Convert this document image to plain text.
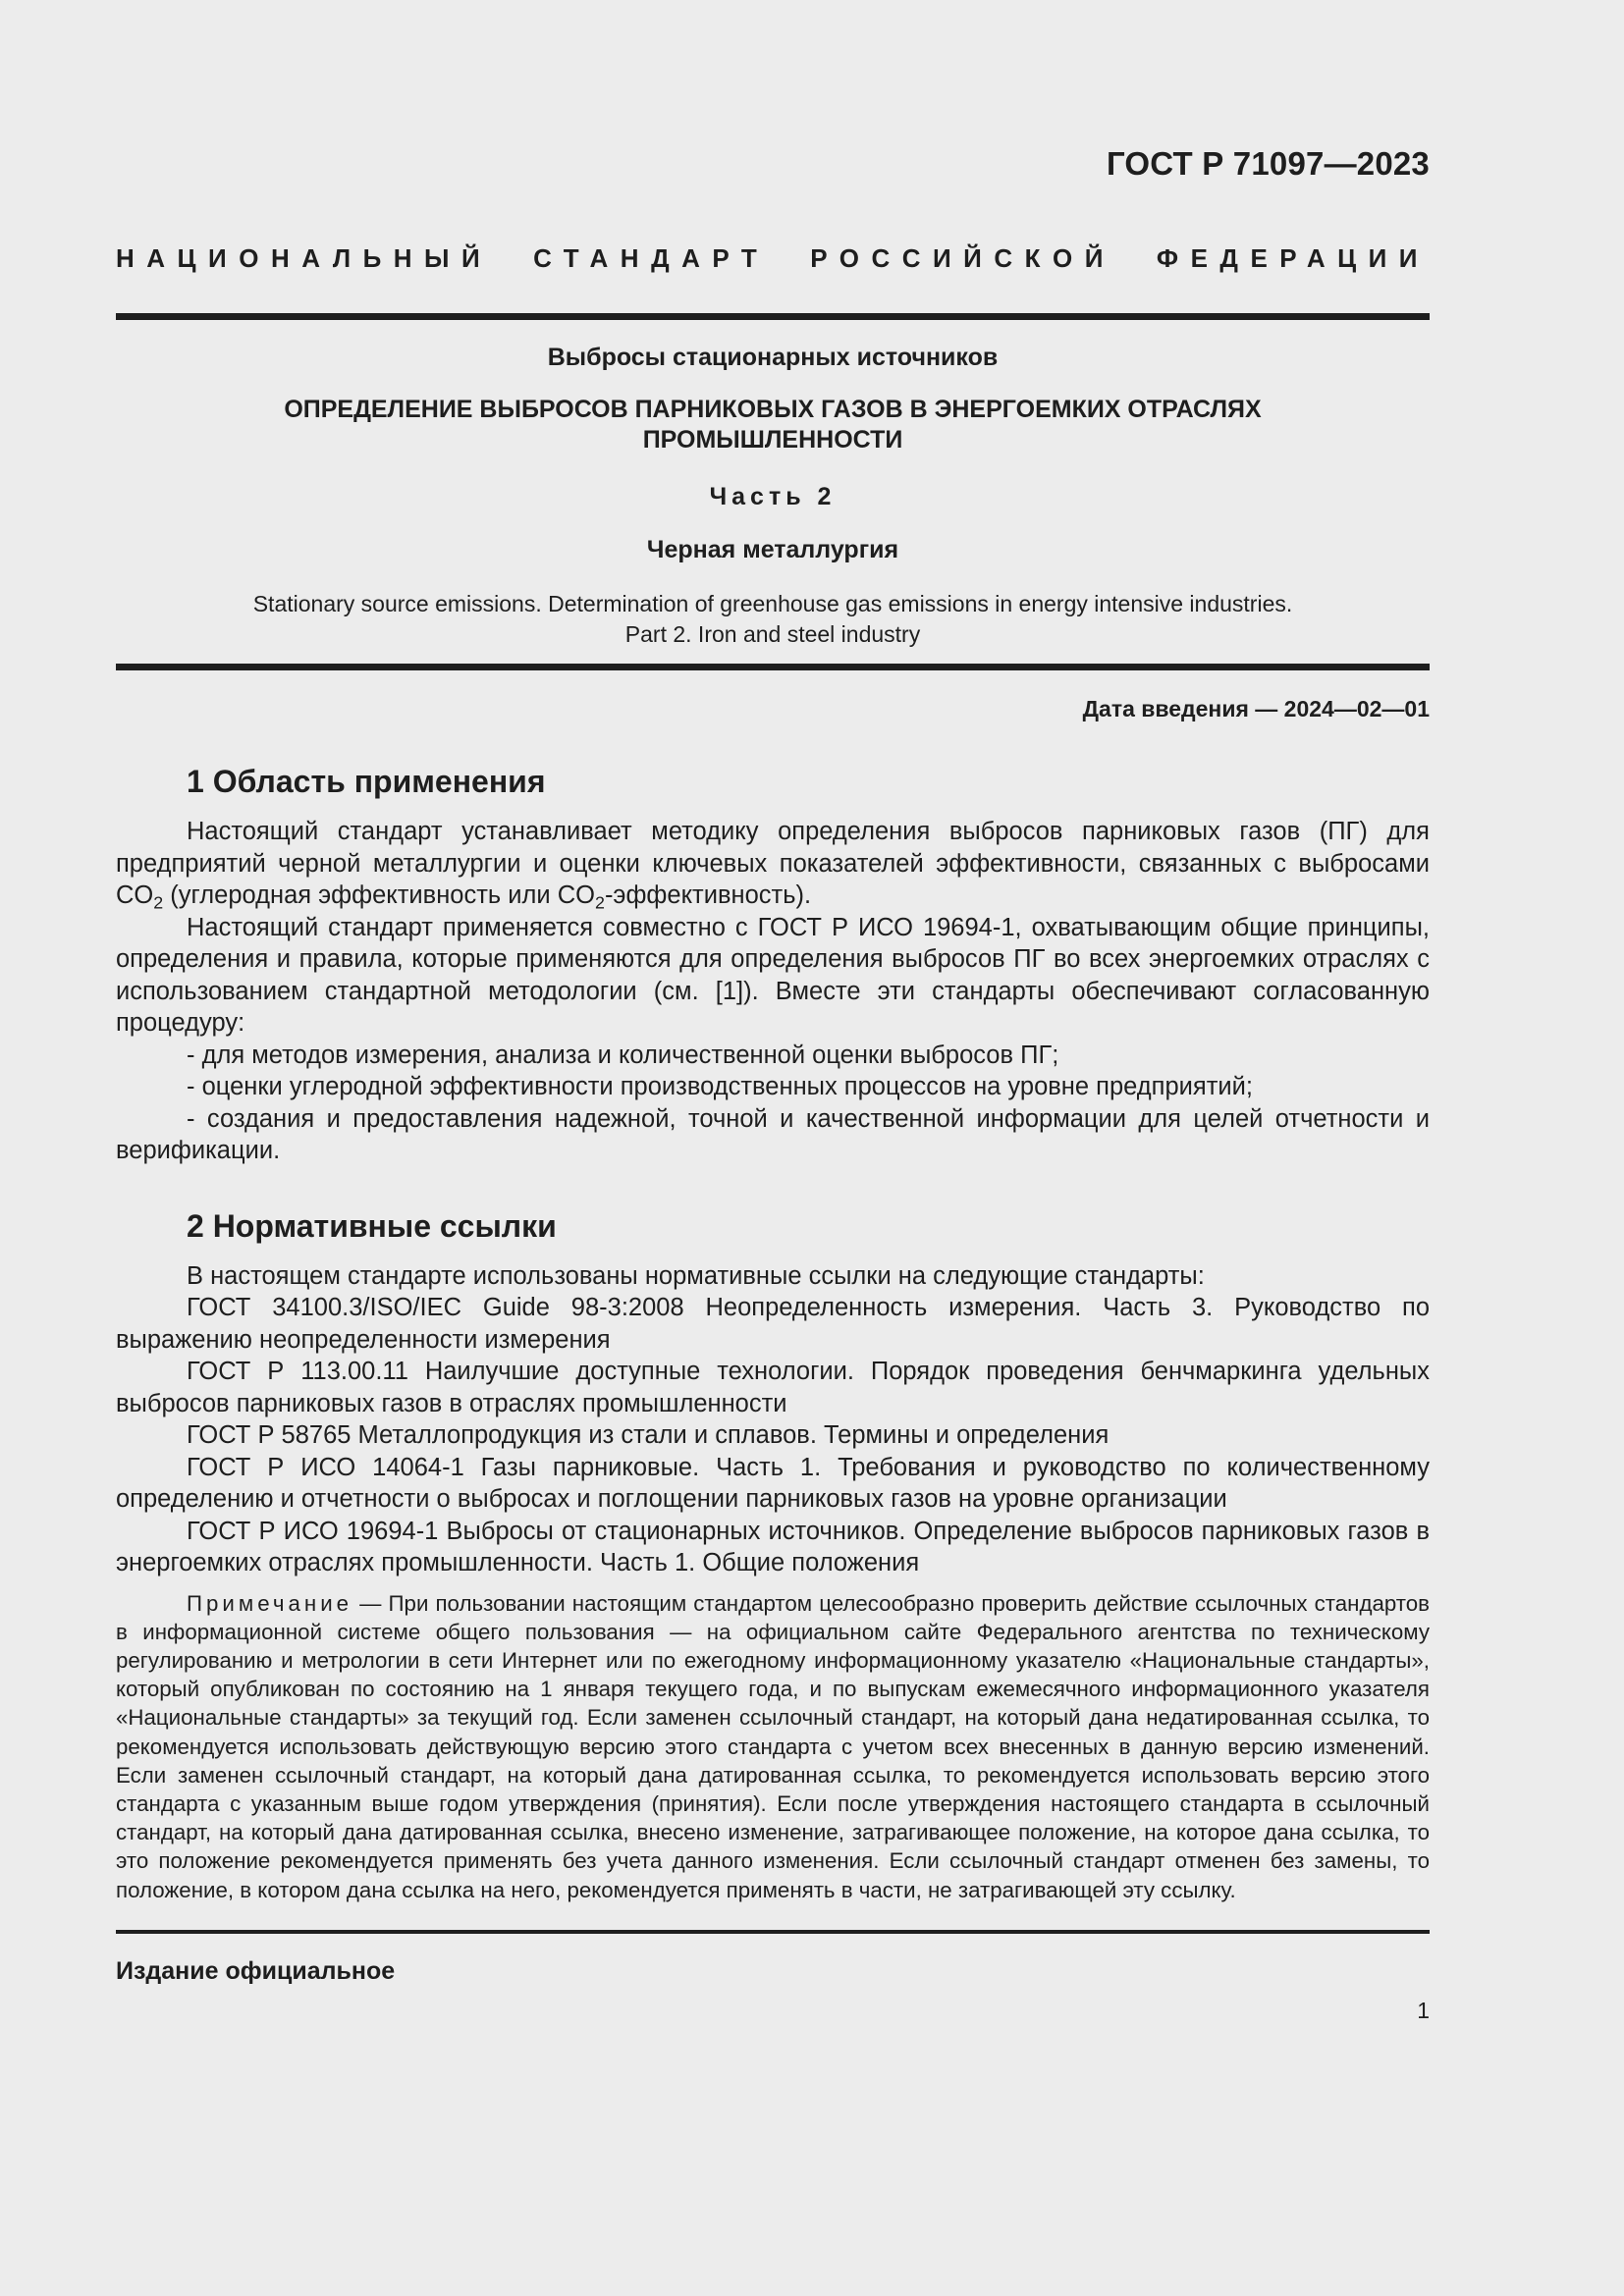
ГОСТ Р 71097—2023
НАЦИОНАЛЬНЫЙ СТАНДАРТ РОССИЙСКОЙ ФЕДЕРАЦИИ
Выбросы стационарных источников
ОПРЕДЕЛЕНИЕ ВЫБРОСОВ ПАРНИКОВЫХ ГАЗОВ В ЭНЕРГОЕМКИХ ОТРАСЛЯХ
ПРОМЫШЛЕННОСТИ
Часть 2
Черная металлургия
Stationary source emissions. Determination of greenhouse gas emissions in energy intensive industries.
Part 2. Iron and steel industry
Дата введения — 2024—02—01
1 Область применения

Настоящий стандарт устанавливает методику определения выбросов парниковых газов (ПГ) для предприятий черной металлургии и оценки ключевых показателей эффективности, связанных с выбросами $CO_2$ (углеродная эффективность или $CO_2-эффективность$).

Настоящий стандарт применяется совместно с ГОСТ Р ИСО 19694-1, охватывающим общие принципы, определения и правила, которые применяются для определения выбросов ПГ во всех энергоемких отраслях с использованием стандартной методологии (см. [1]). Вместе эти стандарты обеспечивают согласованную процедуру:

- для методов измерения, анализа и количественной оценки выбросов ПГ;

- оценки углеродной эффективности производственных процессов на уровне предприятий;

- создания и предоставления надежной, точной и качественной информации для целей отчетности и верификации.

2 Нормативные ссылки

В настоящем стандарте использованы нормативные ссылки на следующие стандарты:

ГОСТ 34100.3/ISO/IEC Guide 98-3:2008 Неопределенность измерения. Часть 3. Руководство по выражению неопределенности измерения

ГОСТ Р 113.00.11 Наилучшие доступные технологии. Порядок проведения бенчмаркинга удельных выбросов парниковых газов в отраслях промышленности

ГОСТ Р 58765 Металлопродукция из стали и сплавов. Термины и определения

ГОСТ Р ИСО 14064-1 Газы парниковые. Часть 1. Требования и руководство по количественному определению и отчетности о выбросах и поглощении парниковых газов на уровне организации

ГОСТ Р ИСО 19694-1 Выбросы от стационарных источников. Определение выбросов парниковых газов в энергоемких отраслях промышленности. Часть 1. Общие положения

Примечание — При пользовании настоящим стандартом целесообразно проверить действие ссылочных стандартов в информационной системе общего пользования — на официальном сайте Федерального агентства по техническому регулированию и метрологии в сети Интернет или по ежегодному информационному указателю «Национальные стандарты», который опубликован по состоянию на 1 января текущего года, и по выпускам ежемесячного информационного указателя «Национальные стандарты» за текущий год. Если заменен ссылочный стандарт, на который дана недатированная ссылка, то рекомендуется использовать действующую версию этого стандарта с учетом всех внесенных в данную версию изменений. Если заменен ссылочный стандарт, на который дана датированная ссылка, то рекомендуется использовать версию этого стандарта с указанным выше годом утверждения (принятия). Если после утверждения настоящего стандарта в ссылочный стандарт, на который дана датированная ссылка, внесено изменение, затрагивающее положение, на которое дана ссылка, то это положение рекомендуется применять без учета данного изменения. Если ссылочный стандарт отменен без замены, то положение, в котором дана ссылка на него, рекомендуется применять в части, не затрагивающей эту ссылку.

Издание официальное
1
